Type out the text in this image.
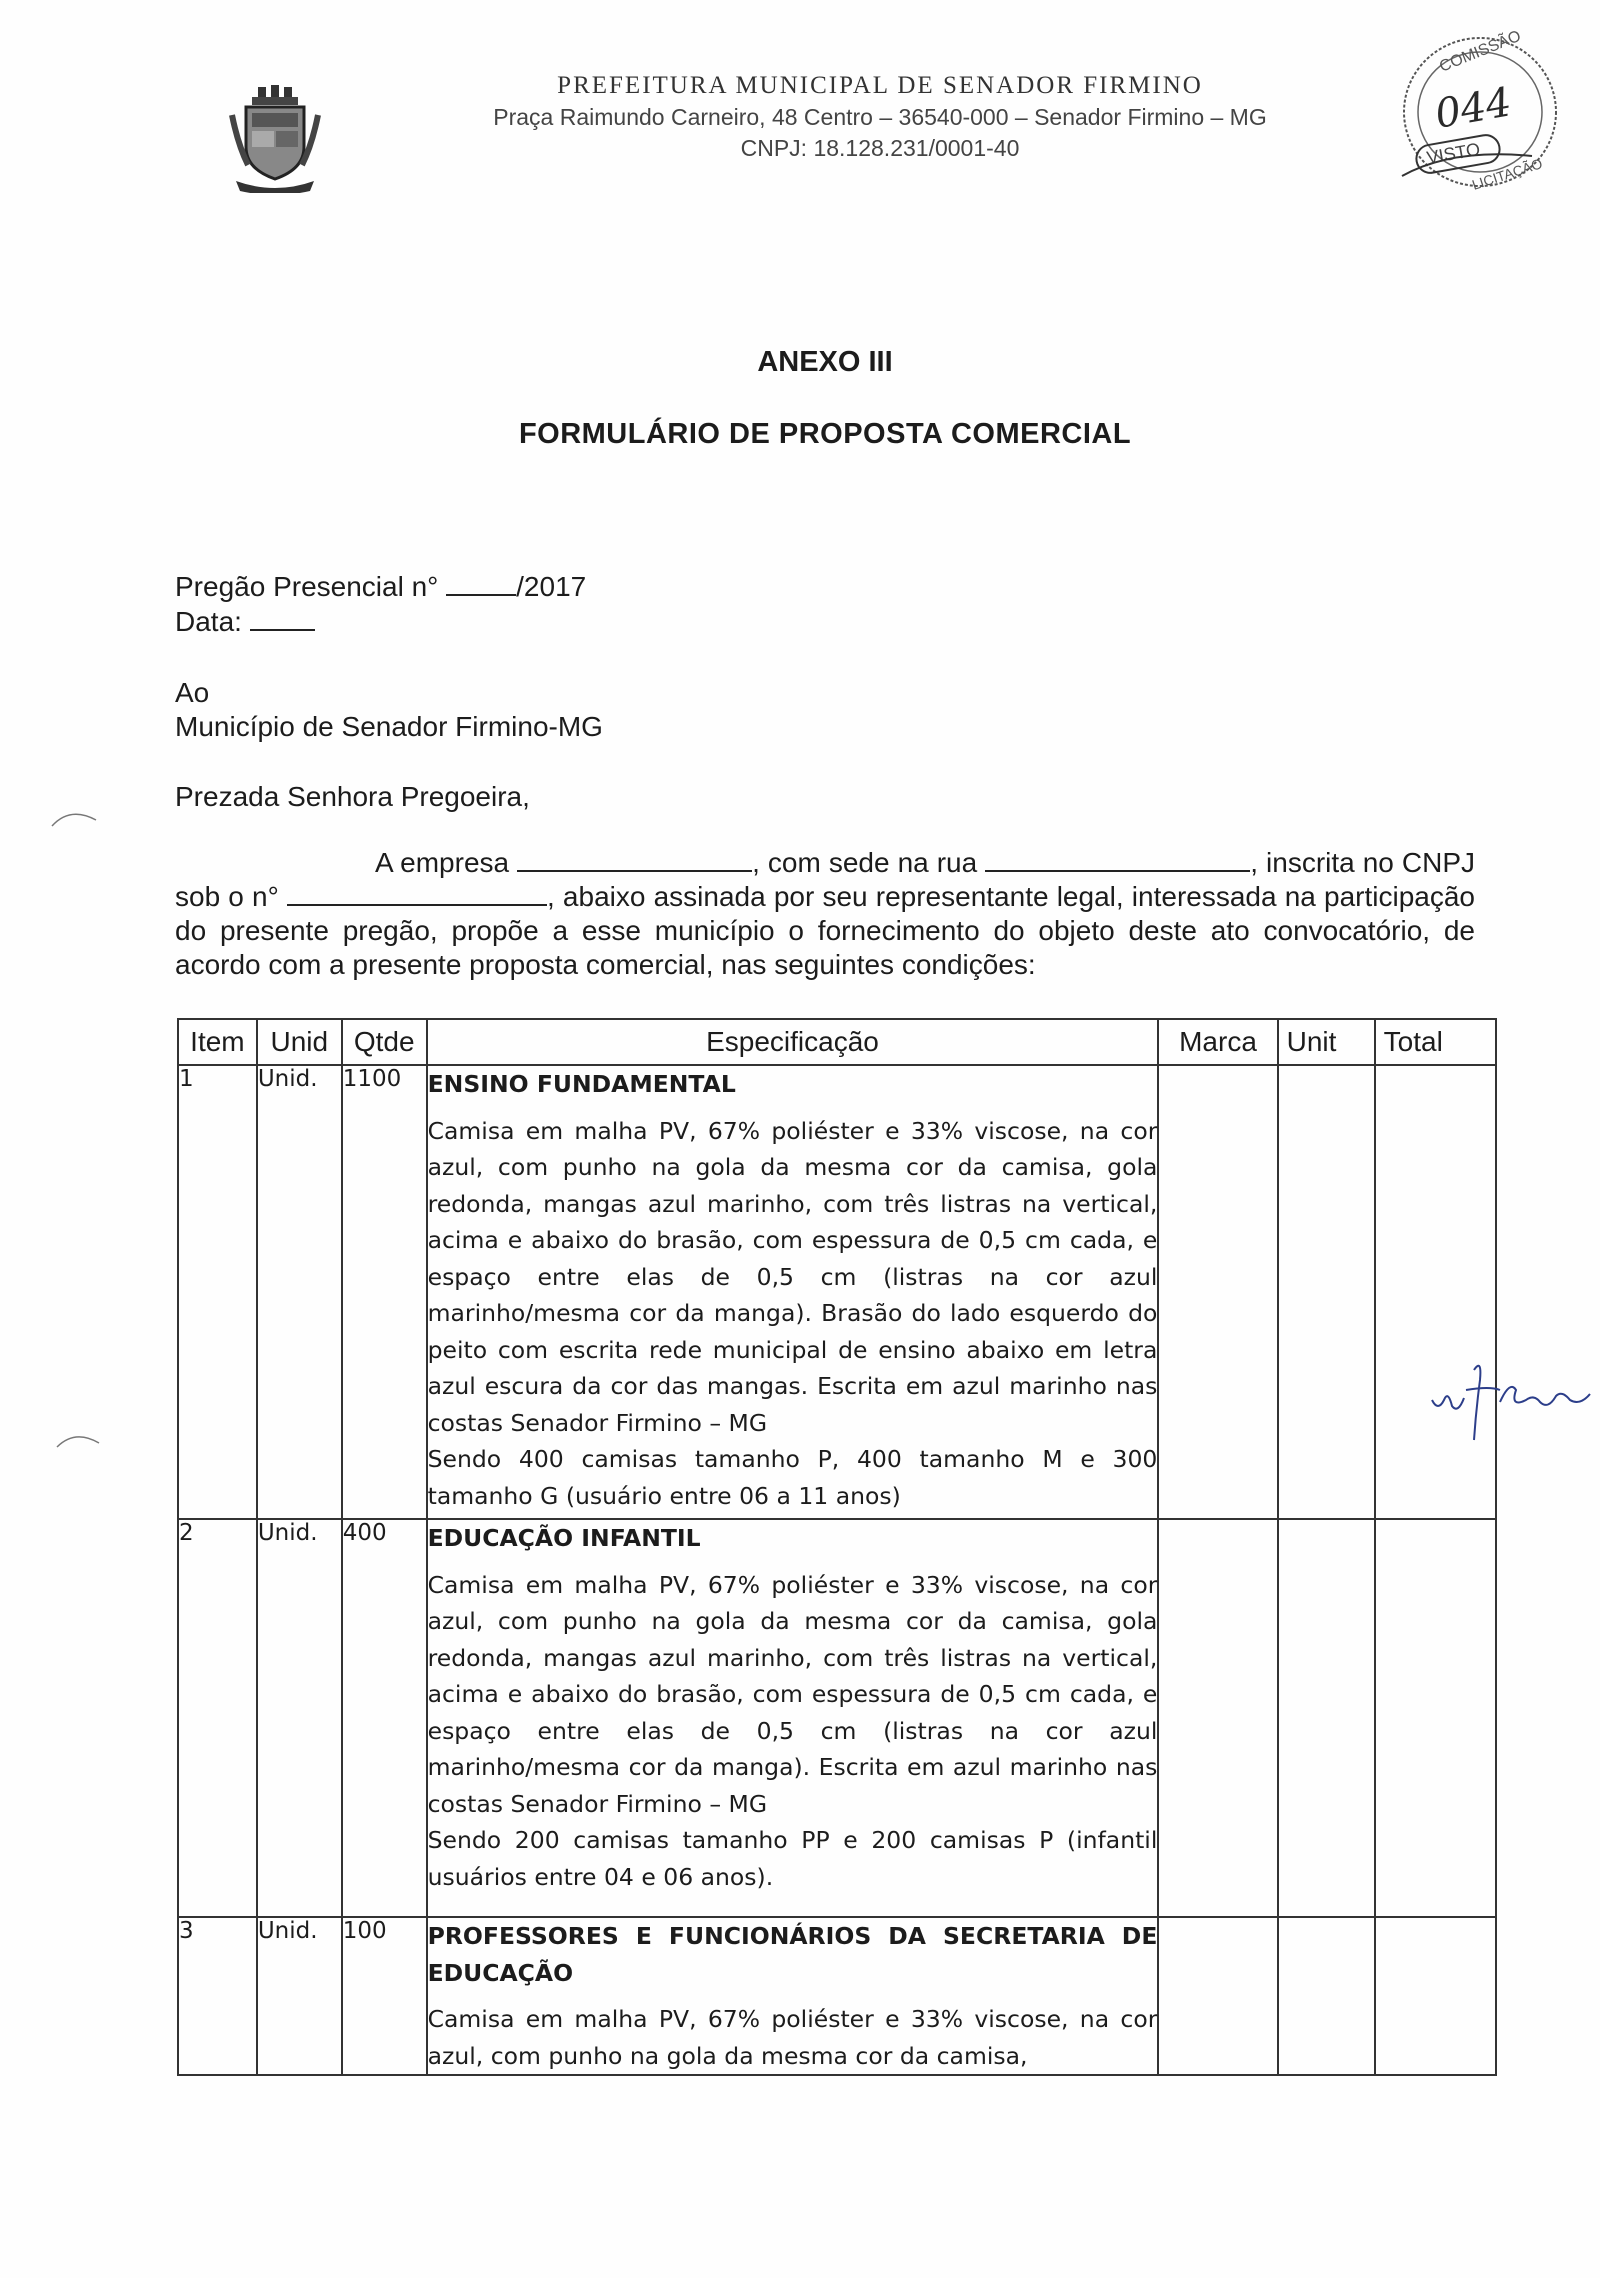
PREFEITURA MUNICIPAL DE SENADOR FIRMINO
Praça Raimundo Carneiro, 48 Centro – 36540-000 – Senador Firmino – MG
CNPJ: 18.128.231/0001-40
COMISSÃO
044
VISTO
LICITAÇÃO
ANEXO III
FORMULÁRIO DE PROPOSTA COMERCIAL
Pregão Presencial n°	/2017
Data:
Ao
Município de Senador Firmino-MG
Prezada Senhora Pregoeira,
A empresa	, com sede na rua	, inscrita no CNPJ sob o n°	, abaixo assinada por seu representante legal, interessada na participação do presente pregão, propõe a esse município o fornecimento do objeto deste ato convocatório, de acordo com a presente proposta comercial, nas seguintes condições:
Item	Unid	Qtde	Especificação	Marca	Unit	Total
1	Unid.	1100	ENSINO FUNDAMENTAL
Camisa em malha PV, 67% poliéster e 33% viscose, na cor azul, com punho na gola da mesma cor da camisa, gola redonda, mangas azul marinho, com três listras na vertical, acima e abaixo do brasão, com espessura de 0,5 cm cada, e espaço entre elas de 0,5 cm (listras na cor azul marinho/mesma cor da manga). Brasão do lado esquerdo do peito com escrita rede municipal de ensino abaixo em letra azul escura da cor das mangas. Escrita em azul marinho nas costas Senador Firmino – MG
Sendo 400 camisas tamanho P, 400 tamanho M e 300 tamanho G (usuário entre 06 a 11 anos)			

2	Unid.	400	EDUCAÇÃO INFANTIL
Camisa em malha PV, 67% poliéster e 33% viscose, na cor azul, com punho na gola da mesma cor da camisa, gola redonda, mangas azul marinho, com três listras na vertical, acima e abaixo do brasão, com espessura de 0,5 cm cada, e espaço entre elas de 0,5 cm (listras na cor azul marinho/mesma cor da manga). Escrita em azul marinho nas costas Senador Firmino – MG
Sendo 200 camisas tamanho PP e 200 camisas P (infantil usuários entre 04 e 06 anos).			

3	Unid.	100	PROFESSORES E FUNCIONÁRIOS DA SECRETARIA DE EDUCAÇÃO
Camisa em malha PV, 67% poliéster e 33% viscose, na cor azul, com punho na gola da mesma cor da camisa,			
